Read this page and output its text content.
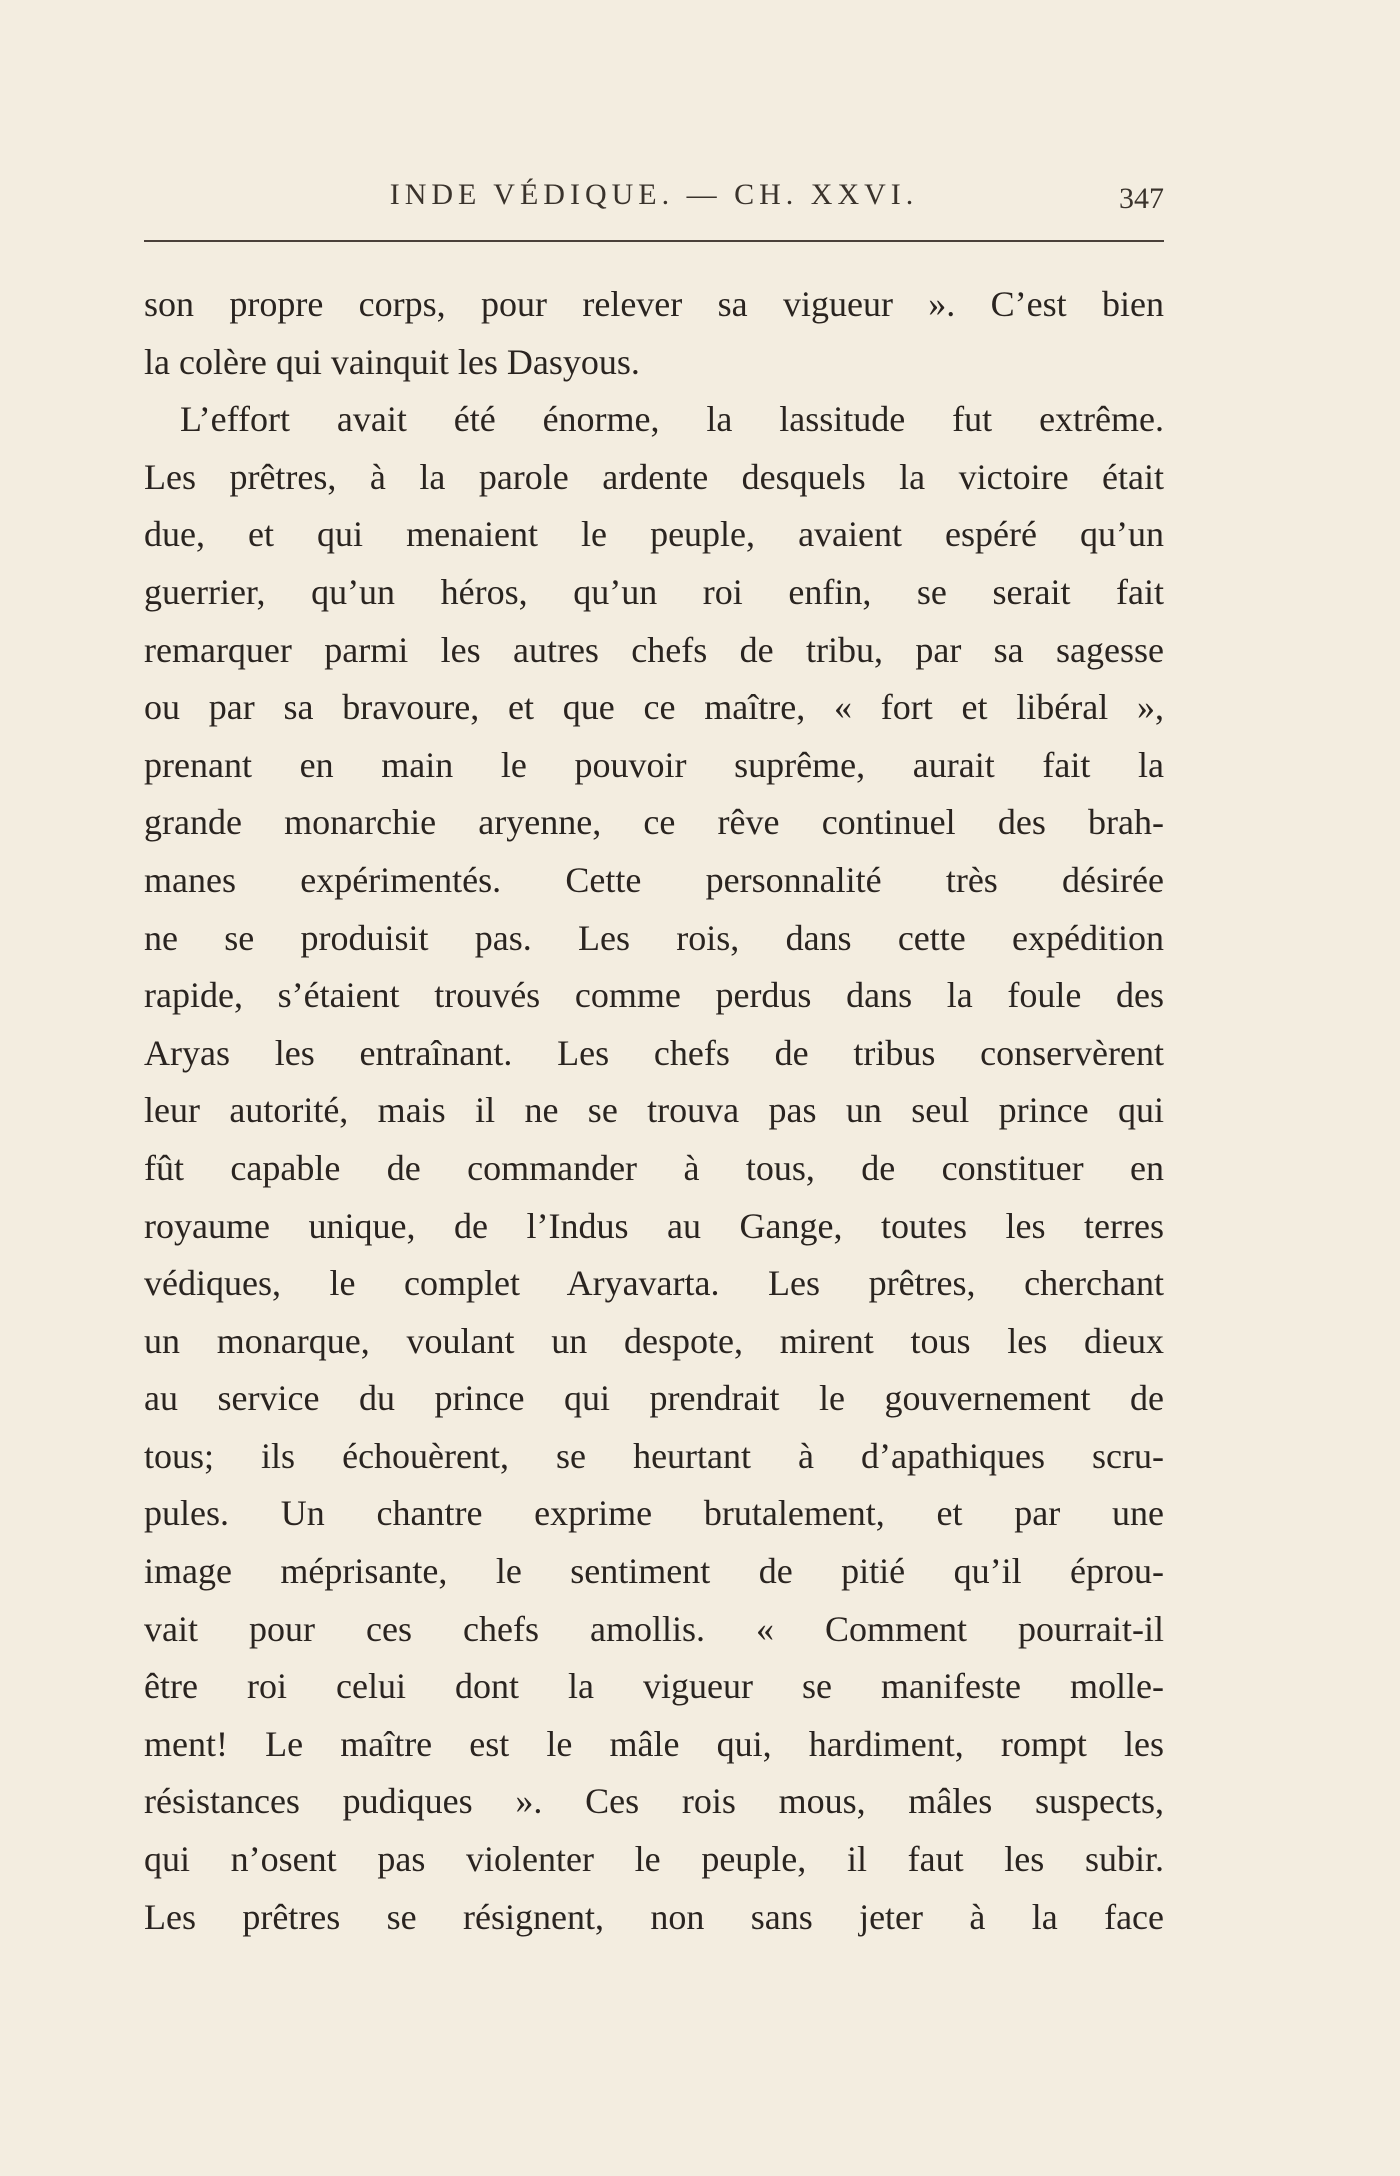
INDE VÉDIQUE. — CH. XXVI.	347
son propre corps, pour relever sa vigueur ». C’est bien
la colère qui vainquit les Dasyous.
L’effort avait été énorme, la lassitude fut extrême.
Les prêtres, à la parole ardente desquels la victoire était
due, et qui menaient le peuple, avaient espéré qu’un
guerrier, qu’un héros, qu’un roi enfin, se serait fait
remarquer parmi les autres chefs de tribu, par sa sagesse
ou par sa bravoure, et que ce maître, « fort et libéral »,
prenant en main le pouvoir suprême, aurait fait la
grande monarchie aryenne, ce rêve continuel des brah-
manes expérimentés. Cette personnalité très désirée
ne se produisit pas. Les rois, dans cette expédition
rapide, s’étaient trouvés comme perdus dans la foule des
Aryas les entraînant. Les chefs de tribus conservèrent
leur autorité, mais il ne se trouva pas un seul prince qui
fût capable de commander à tous, de constituer en
royaume unique, de l’Indus au Gange, toutes les terres
védiques, le complet Aryavarta. Les prêtres, cherchant
un monarque, voulant un despote, mirent tous les dieux
au service du prince qui prendrait le gouvernement de
tous; ils échouèrent, se heurtant à d’apathiques scru-
pules. Un chantre exprime brutalement, et par une
image méprisante, le sentiment de pitié qu’il éprou-
vait pour ces chefs amollis. « Comment pourrait-il
être roi celui dont la vigueur se manifeste molle-
ment! Le maître est le mâle qui, hardiment, rompt les
résistances pudiques ». Ces rois mous, mâles suspects,
qui n’osent pas violenter le peuple, il faut les subir.
Les prêtres se résignent, non sans jeter à la face
